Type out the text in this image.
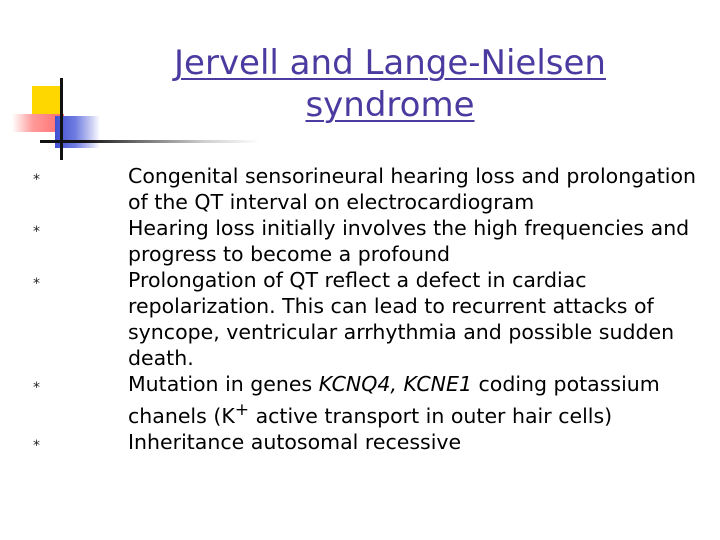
Jervell and Lange-Nielsen
syndrome
*	Congenital sensorineural hearing loss and prolongation of the QT interval on electrocardiogram
*	Hearing loss initially involves the high frequencies and progress to become a profound
*	Prolongation of QT reflect a defect in cardiac repolarization. This can lead to recurrent attacks of syncope, ventricular arrhythmia and possible sudden death.
*	Mutation in genes KCNQ4, KCNE1 coding potassium chanels (K+ active transport in outer hair cells)
*	Inheritance autosomal recessive
